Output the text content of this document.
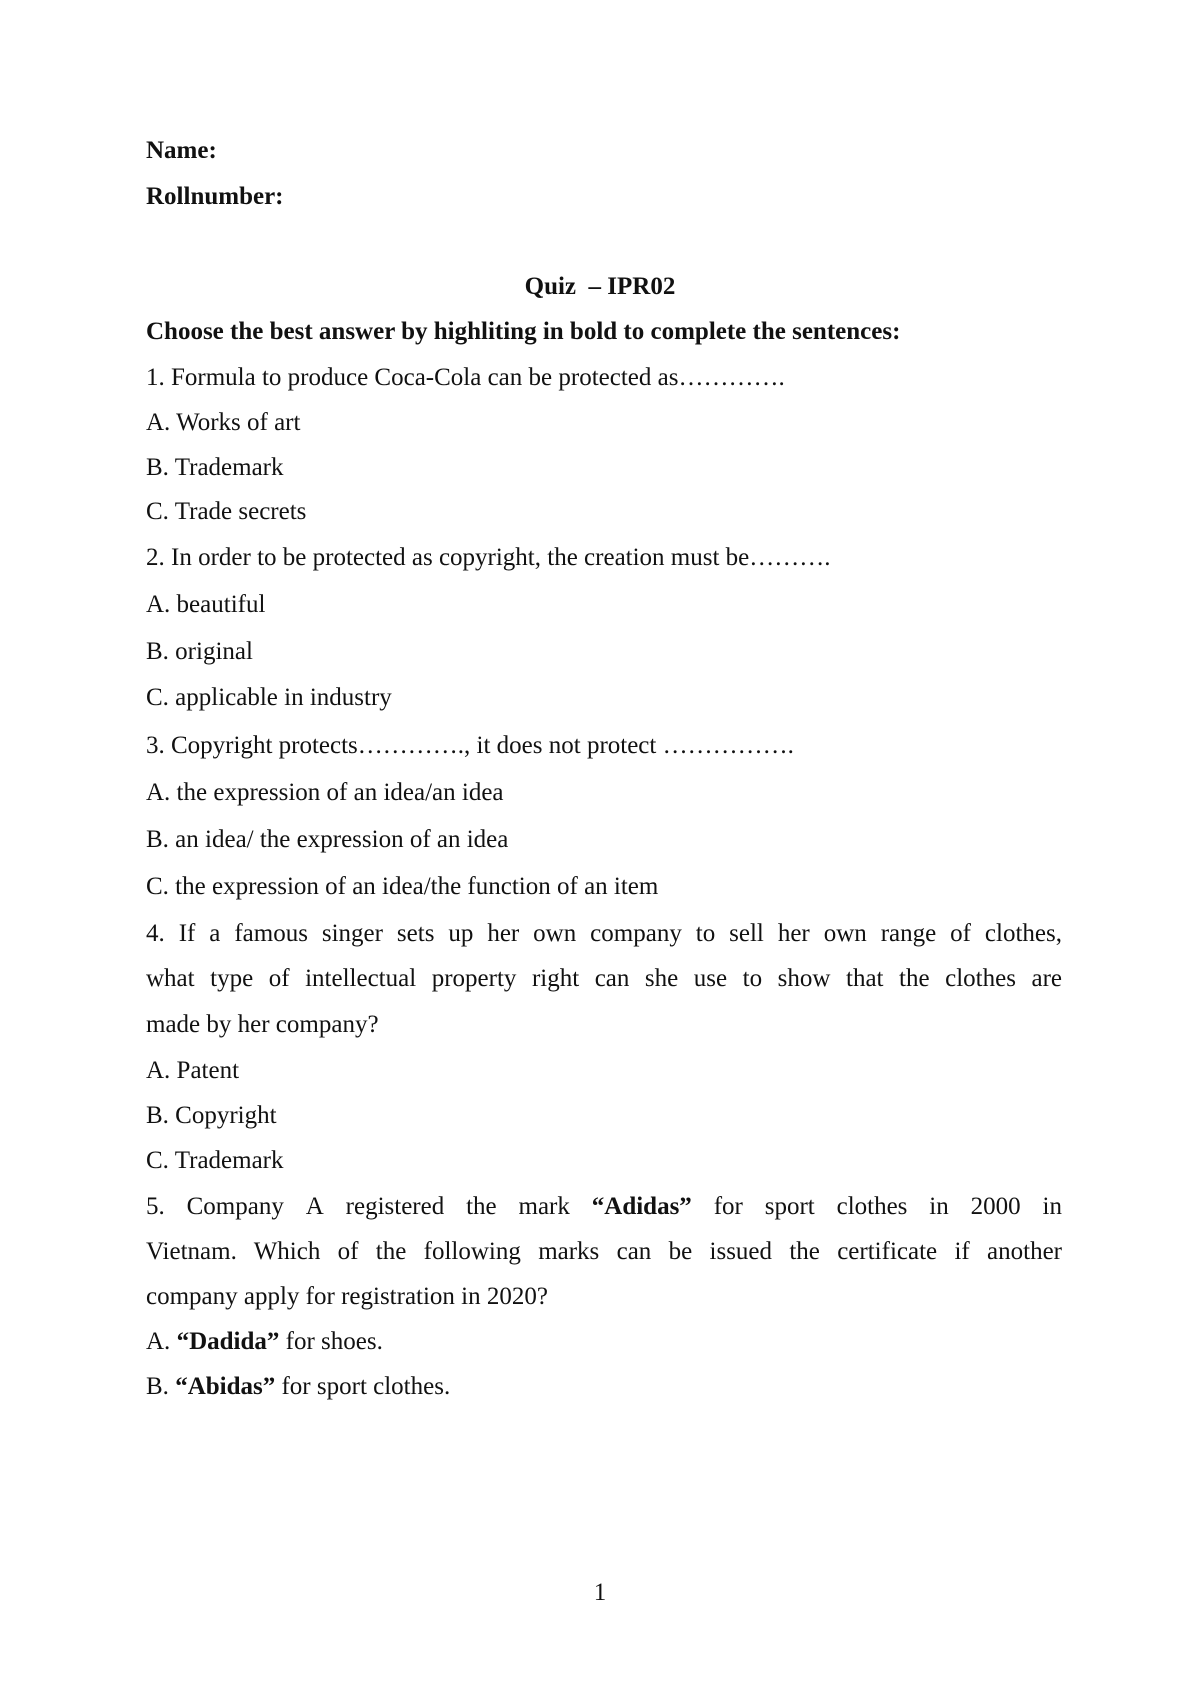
Name:
Rollnumber:
Quiz  – IPR02
Choose the best answer by highliting in bold to complete the sentences:
1. Formula to produce Coca-Cola can be protected as………….
A. Works of art
B. Trademark
C. Trade secrets
2. In order to be protected as copyright, the creation must be……….
A. beautiful
B. original
C. applicable in industry
3. Copyright protects…………., it does not protect …………….
A. the expression of an idea/an idea
B. an idea/ the expression of an idea
C. the expression of an idea/the function of an item
4. If a famous singer sets up her own company to sell her own range of clothes,
what type of intellectual property right can she use to show that the clothes are
made by her company?
A. Patent
B. Copyright
C. Trademark
5. Company A registered the mark “Adidas” for sport clothes in 2000 in
Vietnam. Which of the following marks can be issued the certificate if another
company apply for registration in 2020?
A. “Dadida” for shoes.
B. “Abidas” for sport clothes.
1
